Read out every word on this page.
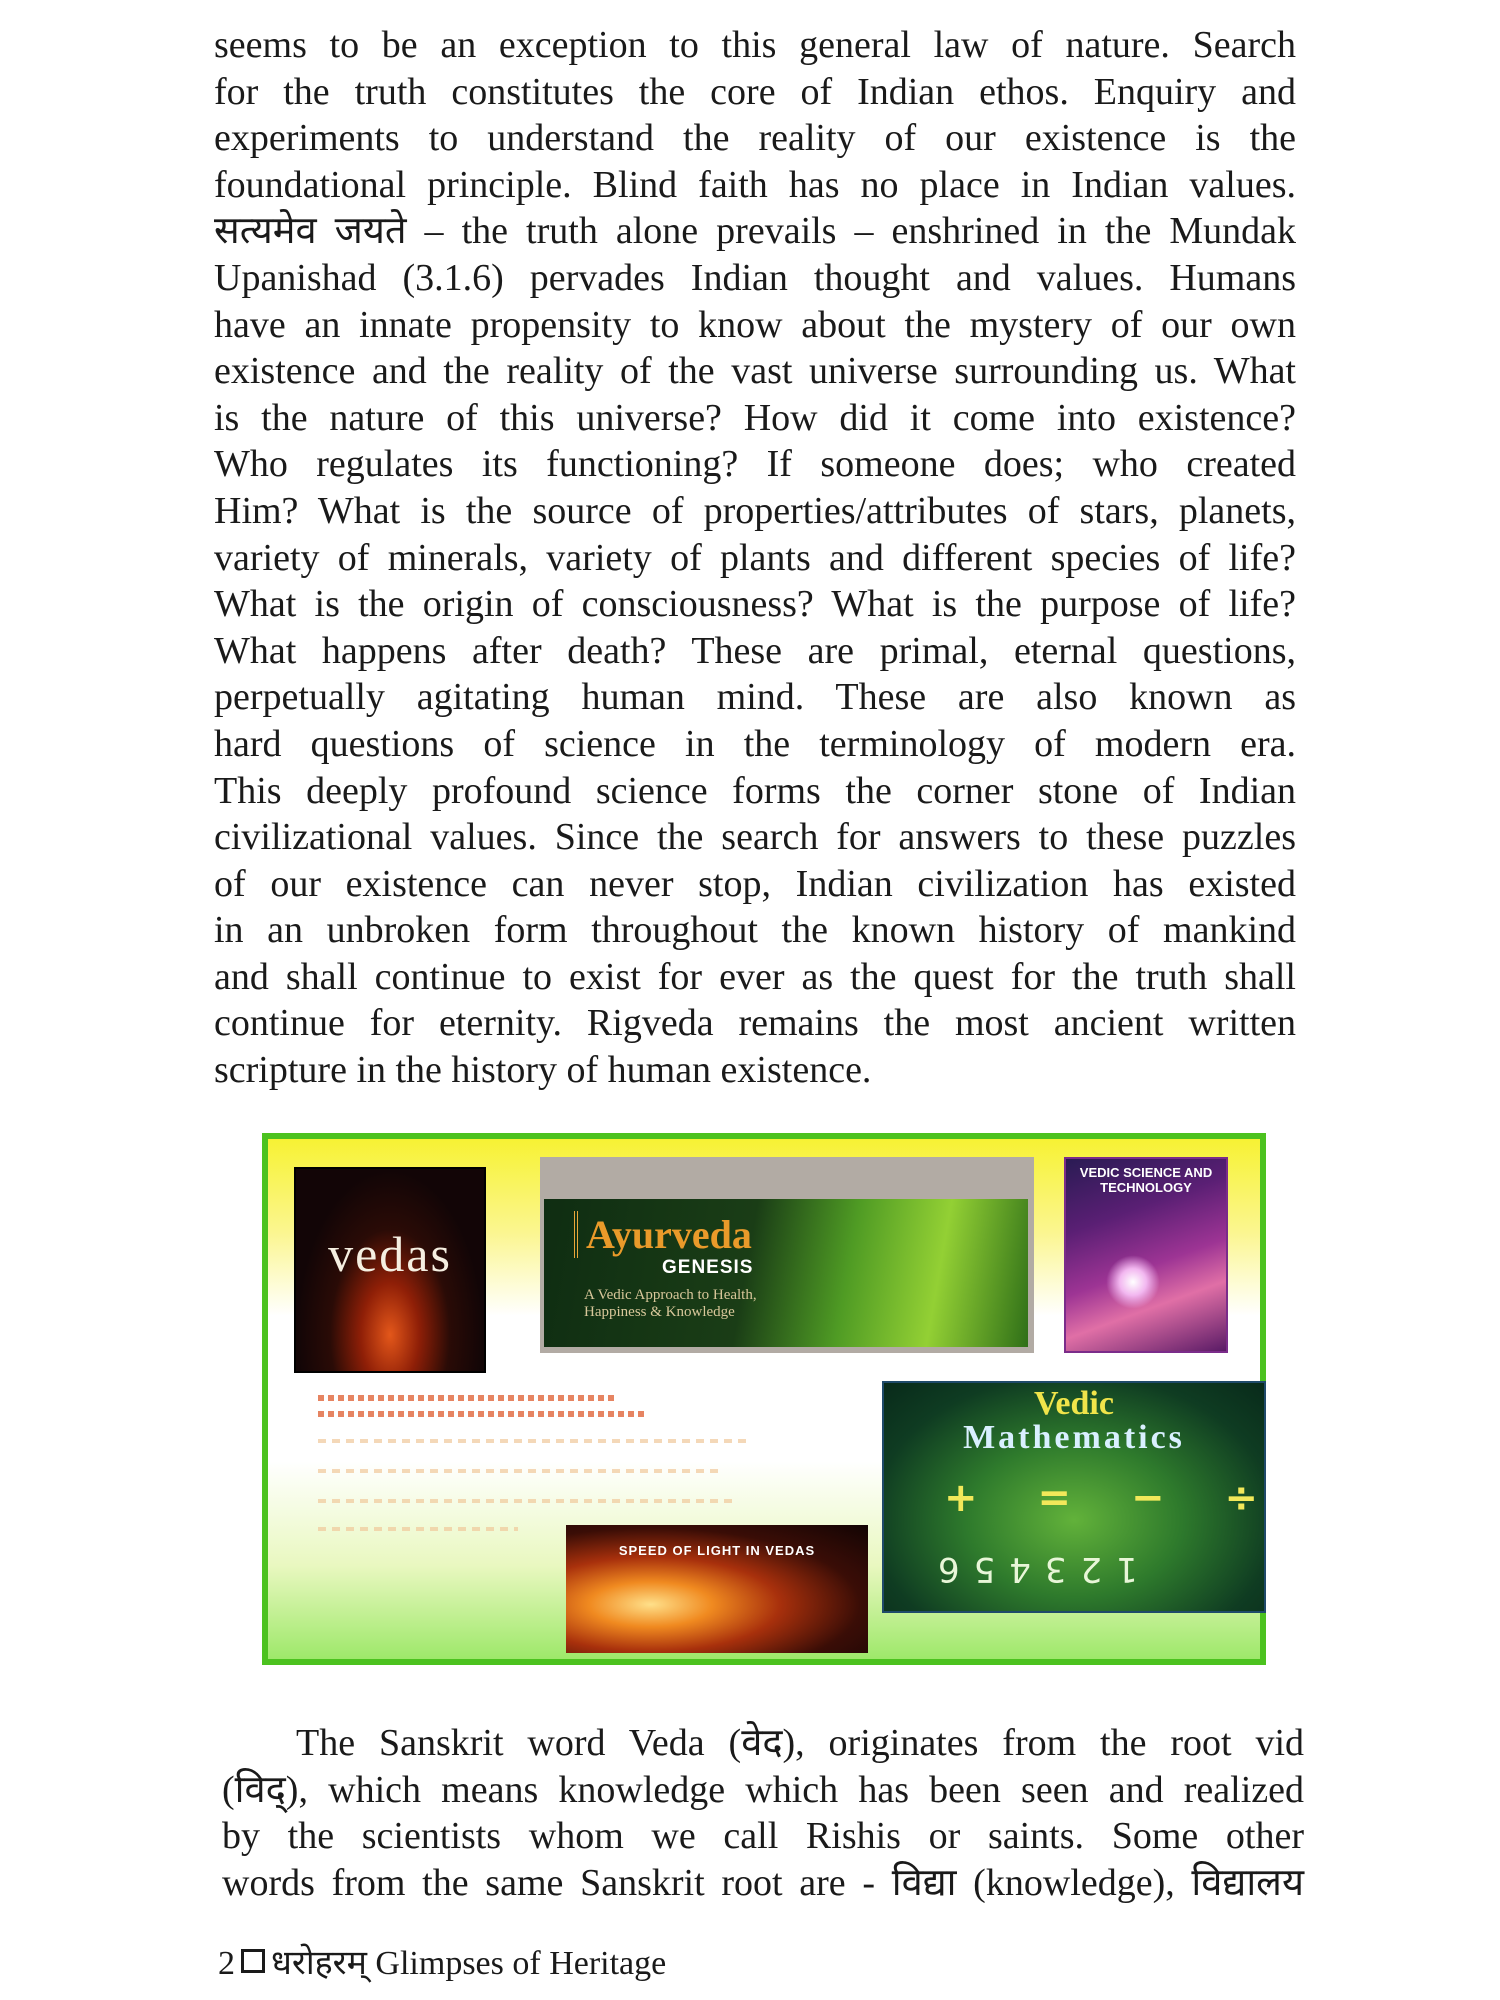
seems to be an exception to this general law of nature. Search
for the truth constitutes the core of Indian ethos. Enquiry and
experiments to understand the reality of our existence is the
foundational principle. Blind faith has no place in Indian values.
सत्यमेव जयते – the truth alone prevails – enshrined in the Mundak
Upanishad (3.1.6) pervades Indian thought and values. Humans
have an innate propensity to know about the mystery of our own
existence and the reality of the vast universe surrounding us. What
is the nature of this universe? How did it come into existence?
Who regulates its functioning? If someone does; who created
Him? What is the source of properties/attributes of stars, planets,
variety of minerals, variety of plants and different species of life?
What is the origin of consciousness? What is the purpose of life?
What happens after death? These are primal, eternal questions,
perpetually agitating human mind. These are also known as
hard questions of science in the terminology of modern era.
This deeply profound science forms the corner stone of Indian
civilizational values. Since the search for answers to these puzzles
of our existence can never stop, Indian civilization has existed
in an unbroken form throughout the known history of mankind
and shall continue to exist for ever as the quest for the truth shall
continue for eternity. Rigveda remains the most ancient written
scripture in the history of human existence.
vedas	Ayurveda
GENESIS
A Vedic Approach to Health, Happiness & Knowledge
VEDIC SCIENCE AND TECHNOLOGY
Vedic
Mathematics
+=−÷
123456
SPEED OF LIGHT IN VEDAS
The Sanskrit word Veda (वेद), originates from the root vid
(विद्), which means knowledge which has been seen and realized
by the scientists whom we call Rishis or saints. Some other
words from the same Sanskrit root are - विद्या (knowledge), विद्यालय
2 धरोहरम् Glimpses of Heritage
